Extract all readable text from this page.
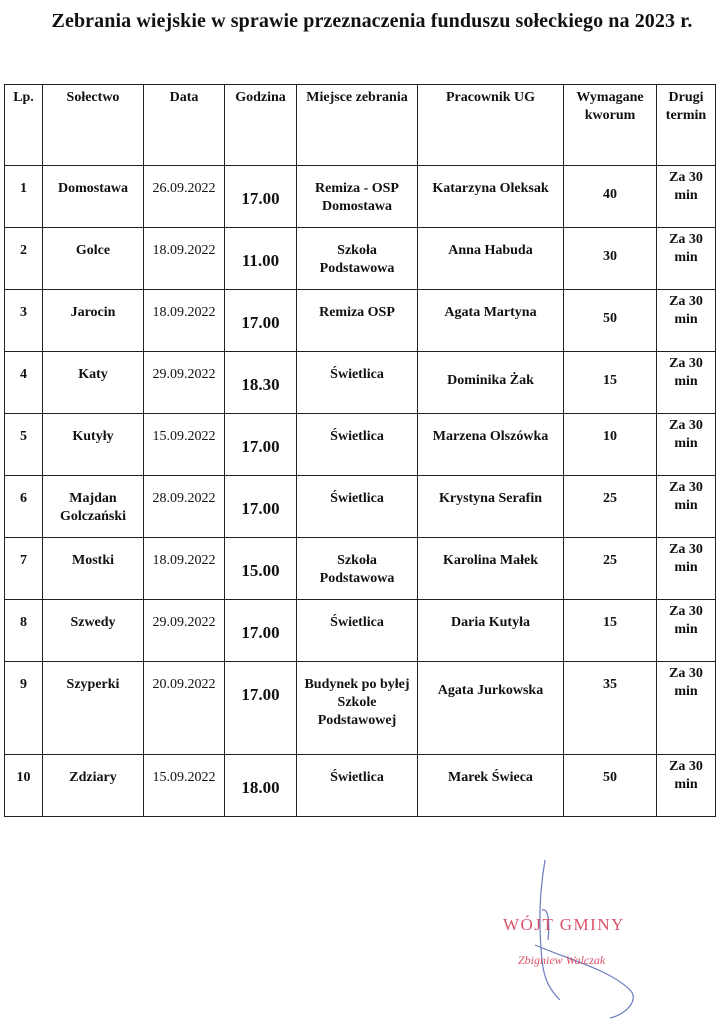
Zebrania wiejskie w sprawie przeznaczenia funduszu sołeckiego na 2023 r.
Lp.	Sołectwo	Data	Godzina	Miejsce zebrania	Pracownik UG	Wymagane kworum	Drugi termin
1	Domostawa	26.09.2022	17.00	Remiza - OSP Domostawa	Katarzyna Oleksak	40	Za 30 min
2	Golce	18.09.2022	11.00	Szkoła Podstawowa	Anna Habuda	30	Za 30 min
3	Jarocin	18.09.2022	17.00	Remiza OSP	Agata Martyna	50	Za 30 min
4	Katy	29.09.2022	18.30	Świetlica	Dominika Żak	15	Za 30 min
5	Kutyły	15.09.2022	17.00	Świetlica	Marzena Olszówka	10	Za 30 min
6	Majdan Golczański	28.09.2022	17.00	Świetlica	Krystyna Serafin	25	Za 30 min
7	Mostki	18.09.2022	15.00	Szkoła Podstawowa	Karolina Małek	25	Za 30 min
8	Szwedy	29.09.2022	17.00	Świetlica	Daria Kutyła	15	Za 30 min
9	Szyperki	20.09.2022	17.00	Budynek po byłej Szkole Podstawowej	Agata Jurkowska	35	Za 30 min
10	Zdziary	15.09.2022	18.00	Świetlica	Marek Świeca	50	Za 30 min
WÓJT GMINY
Zbigniew Walczak
